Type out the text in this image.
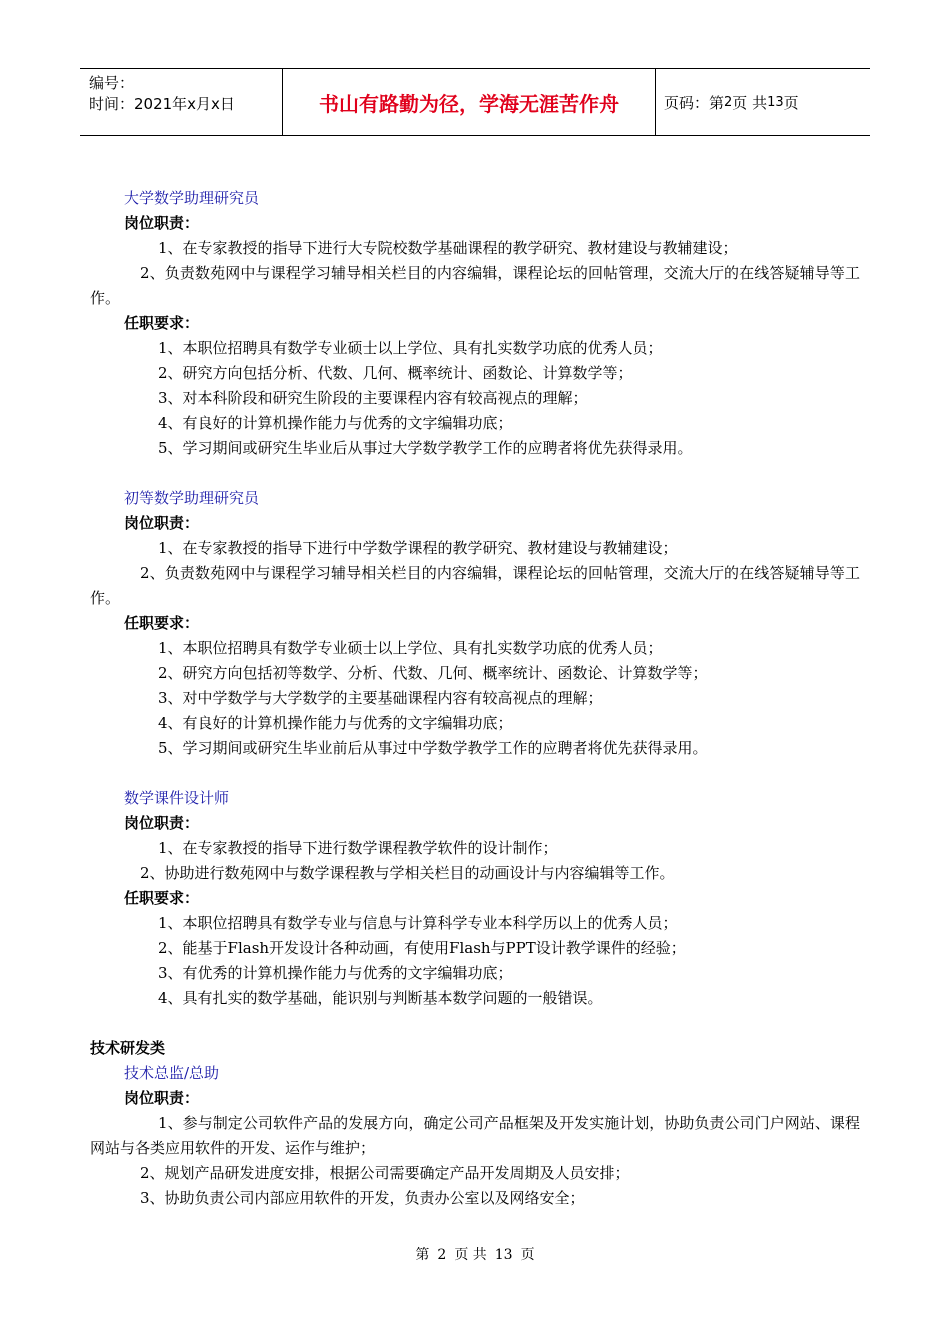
编号：
时间：2021年x月x日	书山有路勤为径，学海无涯苦作舟	页码：第 2 页 共 13 页
大学数学助理研究员
岗位职责：
1、在专家教授的指导下进行大专院校数学基础课程的教学研究、教材建设与教辅建设；
2、负责数苑网中与课程学习辅导相关栏目的内容编辑，课程论坛的回帖管理，交流大厅的在线答疑辅导等工作。
任职要求：
1、本职位招聘具有数学专业硕士以上学位、具有扎实数学功底的优秀人员；
2、研究方向包括分析、代数、几何、概率统计、函数论、计算数学等；
3、对本科阶段和研究生阶段的主要课程内容有较高视点的理解；
4、有良好的计算机操作能力与优秀的文字编辑功底；
5、学习期间或研究生毕业后从事过大学数学教学工作的应聘者将优先获得录用。
初等数学助理研究员
岗位职责：
1、在专家教授的指导下进行中学数学课程的教学研究、教材建设与教辅建设；
2、负责数苑网中与课程学习辅导相关栏目的内容编辑，课程论坛的回帖管理，交流大厅的在线答疑辅导等工作。
任职要求：
1、本职位招聘具有数学专业硕士以上学位、具有扎实数学功底的优秀人员；
2、研究方向包括初等数学、分析、代数、几何、概率统计、函数论、计算数学等；
3、对中学数学与大学数学的主要基础课程内容有较高视点的理解；
4、有良好的计算机操作能力与优秀的文字编辑功底；
5、学习期间或研究生毕业前后从事过中学数学教学工作的应聘者将优先获得录用。
数学课件设计师
岗位职责：
1、在专家教授的指导下进行数学课程教学软件的设计制作；
2、协助进行数苑网中与数学课程教与学相关栏目的动画设计与内容编辑等工作。
任职要求：
1、本职位招聘具有数学专业与信息与计算科学专业本科学历以上的优秀人员；
2、能基于Flash开发设计各种动画，有使用Flash与PPT设计教学课件的经验；
3、有优秀的计算机操作能力与优秀的文字编辑功底；
4、具有扎实的数学基础，能识别与判断基本数学问题的一般错误。
技术研发类
技术总监/总助
岗位职责：
1、参与制定公司软件产品的发展方向，确定公司产品框架及开发实施计划，协助负责公司门户网站、课程网站与各类应用软件的开发、运作与维护；
2、规划产品研发进度安排，根据公司需要确定产品开发周期及人员安排；
3、协助负责公司内部应用软件的开发，负责办公室以及网络安全；
第 2 页 共 13 页
